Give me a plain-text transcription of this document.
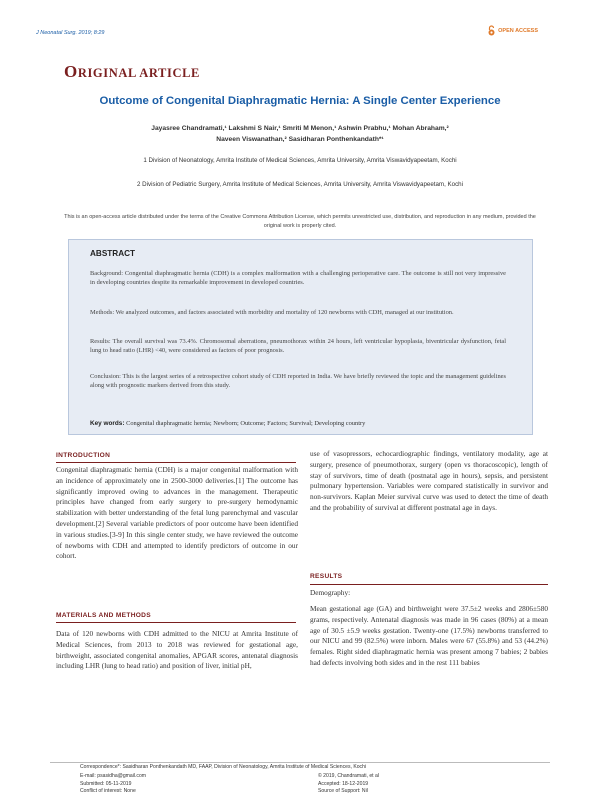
J Neonatal Surg. 2019; 8:29	OPEN ACCESS
ORIGINAL ARTICLE
Outcome of Congenital Diaphragmatic Hernia: A Single Center Experience
Jayasree Chandramati,¹ Lakshmi S Nair,¹ Smriti M Menon,¹ Ashwin Prabhu,¹ Mohan Abraham,²
Naveen Viswanathan,² Sasidharan Ponthenkandath*¹
1 Division of Neonatology, Amrita Institute of Medical Sciences, Amrita University, Amrita Viswavidyapeetam, Kochi
2 Division of Pediatric Surgery, Amrita Institute of Medical Sciences, Amrita University, Amrita Viswavidyapeetam, Kochi
This is an open-access article distributed under the terms of the Creative Commons Attribution License, which permits unrestricted use, distribution, and reproduction in any medium, provided the original work is properly cited.
ABSTRACT
Background: Congenital diaphragmatic hernia (CDH) is a complex malformation with a challenging perioperative care. The outcome is still not very impressive in developing countries despite its remarkable improvement in developed countries.
Methods: We analyzed outcomes, and factors associated with morbidity and mortality of 120 newborns with CDH, managed at our institution.
Results: The overall survival was 73.4%. Chromosomal aberrations, pneumothorax within 24 hours, left ventricular hypoplasia, biventricular dysfunction, fetal lung to head ratio (LHR) <40, were considered as factors of poor prognosis.
Conclusion: This is the largest series of a retrospective cohort study of CDH reported in India. We have briefly reviewed the topic and the management guidelines along with prognostic markers derived from this study.
Key words: Congenital diaphragmatic hernia; Newborn; Outcome; Factors; Survival; Developing country
INTRODUCTION
Congenital diaphragmatic hernia (CDH) is a major congenital malformation with an incidence of approximately one in 2500-3000 deliveries.[1] The outcome has significantly improved owing to advances in the management. Therapeutic principles have changed from early surgery to pre-surgery hemodynamic stabilization with better understanding of the fetal lung parenchymal and vascular development.[2] Several variable predictors of poor outcome have been identified in various studies.[3-9] In this single center study, we have reviewed the outcome of newborns with CDH and attempted to identify predictors of outcome in our cohort.
MATERIALS AND METHODS
Data of 120 newborns with CDH admitted to the NICU at Amrita Institute of Medical Sciences, from 2013 to 2018 was reviewed for gestational age, birthweight, associated congenital anomalies, APGAR scores, antenatal diagnosis including LHR (lung to head ratio) and position of liver, initial pH,
use of vasopressors, echocardiographic findings, ventilatory modality, age at surgery, presence of pneumothorax, surgery (open vs thoracoscopic), length of stay of survivors, time of death (postnatal age in hours), sepsis, and persistent pulmonary hypertension. Variables were compared statistically in survivor and non-survivors. Kaplan Meier survival curve was used to detect the time of death and the probability of survival at different postnatal age in days.
RESULTS
Demography:
Mean gestational age (GA) and birthweight were 37.5±2 weeks and 2806±580 grams, respectively. Antenatal diagnosis was made in 96 cases (80%) at a mean age of 30.5 ±5.9 weeks gestation. Twenty-one (17.5%) newborns transferred to our NICU and 99 (82.5%) were inborn. Males were 67 (55.8%) and 53 (44.2%) females. Right sided diaphragmatic hernia was present among 7 babies; 2 babies had defects involving both sides and in the rest 111 babies
Correspondence*: Sasidharan Ponthenkandath MD, FAAP, Division of Neonatology, Amrita Institute of Medical Sciences, Kochi
E-mail: psasidha@gmail.com
Submitted: 05-11-2019
Conflict of interest: None
© 2019, Chandramati, et al
Accepted: 18-12-2019
Source of Support: Nil
